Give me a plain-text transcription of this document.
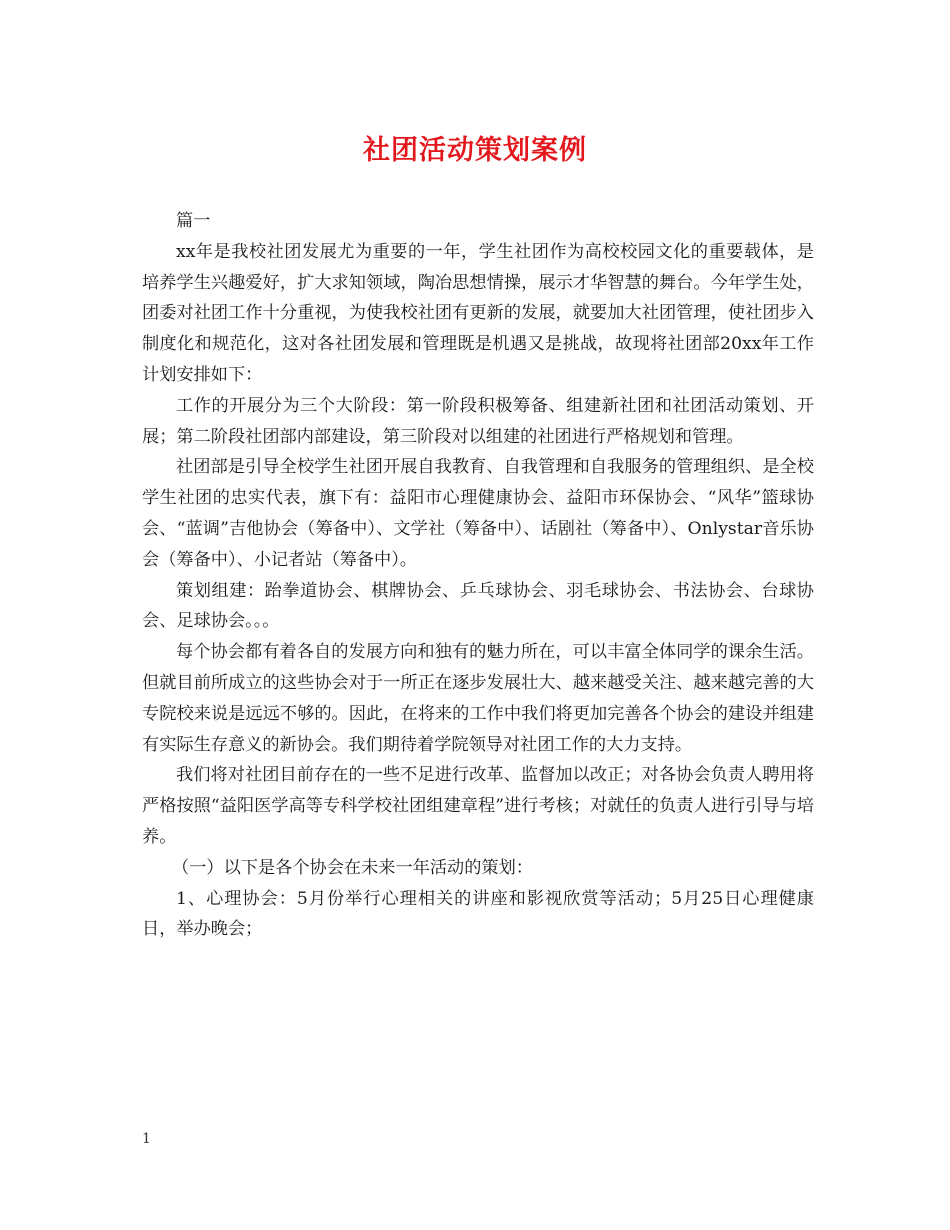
社团活动策划案例

篇一

xx年是我校社团发展尤为重要的一年，学生社团作为高校校园文化的重要载体，是培养学生兴趣爱好，扩大求知领域，陶冶思想情操，展示才华智慧的舞台。今年学生处，团委对社团工作十分重视，为使我校社团有更新的发展，就要加大社团管理，使社团步入制度化和规范化，这对各社团发展和管理既是机遇又是挑战，故现将社团部20xx年工作计划安排如下：

工作的开展分为三个大阶段：第一阶段积极筹备、组建新社团和社团活动策划、开展；第二阶段社团部内部建设，第三阶段对以组建的社团进行严格规划和管理。

社团部是引导全校学生社团开展自我教育、自我管理和自我服务的管理组织、是全校学生社团的忠实代表，旗下有：益阳市心理健康协会、益阳市环保协会、“风华”篮球协会、“蓝调”吉他协会（筹备中）、文学社（筹备中）、话剧社（筹备中）、Onlystar音乐协会（筹备中）、小记者站（筹备中）。

策划组建：跆拳道协会、棋牌协会、乒乓球协会、羽毛球协会、书法协会、台球协会、足球协会。。。

每个协会都有着各自的发展方向和独有的魅力所在，可以丰富全体同学的课余生活。但就目前所成立的这些协会对于一所正在逐步发展壮大、越来越受关注、越来越完善的大专院校来说是远远不够的。因此，在将来的工作中我们将更加完善各个协会的建设并组建有实际生存意义的新协会。我们期待着学院领导对社团工作的大力支持。

我们将对社团目前存在的一些不足进行改革、监督加以改正；对各协会负责人聘用将严格按照“益阳医学高等专科学校社团组建章程”进行考核；对就任的负责人进行引导与培养。

（一）以下是各个协会在未来一年活动的策划：

1、心理协会：5月份举行心理相关的讲座和影视欣赏等活动；5月25日心理健康日，举办晚会；

1
